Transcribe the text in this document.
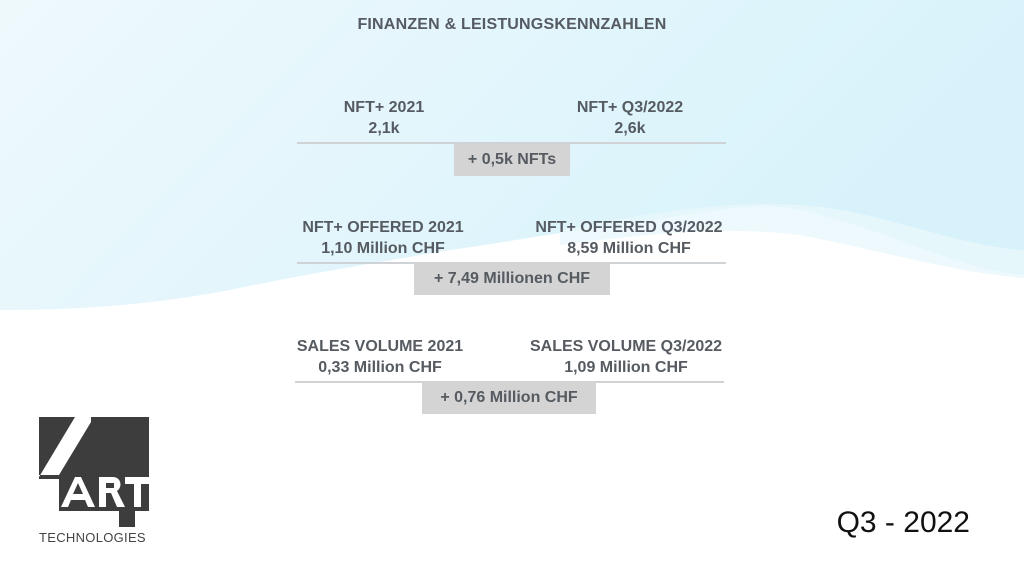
FINANZEN & LEISTUNGSKENNZAHLEN
NFT+ 2021
2,1k
NFT+ Q3/2022
2,6k
+ 0,5k NFTs
NFT+ OFFERED 2021
1,10 Million CHF
NFT+ OFFERED Q3/2022
8,59 Million CHF
+ 7,49 Millionen CHF
SALES VOLUME 2021
0,33 Million CHF
SALES VOLUME Q3/2022
1,09 Million CHF
+ 0,76 Million CHF
TECHNOLOGIES	Q3 - 2022
